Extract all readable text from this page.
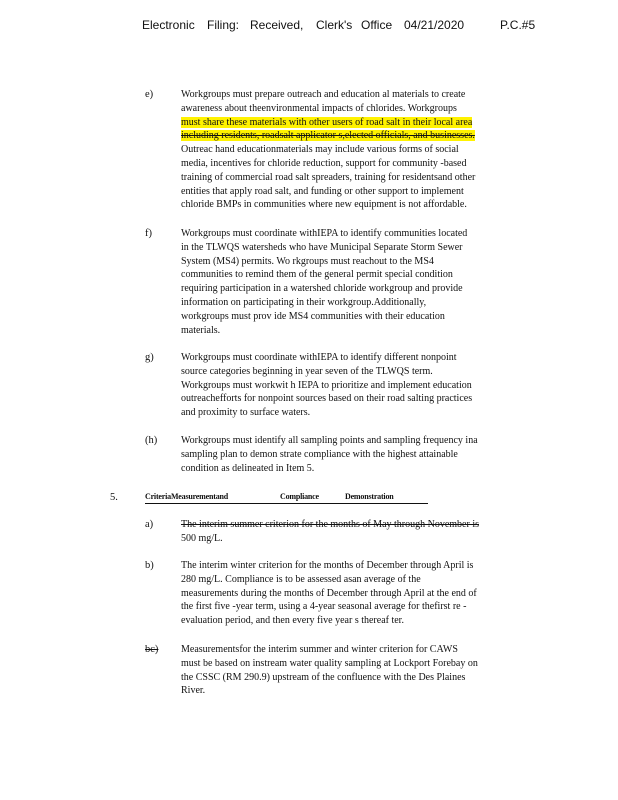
Electronic Filing: Received, Clerk's Office 04/21/2020	P.C.#5
e)	Workgroups must prepare outreach and education al materials to create
awareness about theenvironmental impacts of chlorides. Workgroups
must share these materials with other users of road salt in their local area
including residents, roadsalt applicator s,elected officials, and businesses.
Outreac hand educationmaterials may include various forms of social
media, incentives for chloride reduction, support for community -based
training of commercial road salt spreaders, training for residentsand other
entities that apply road salt, and funding or other support to implement
chloride BMPs in communities where new equipment is not affordable.
f)	Workgroups must coordinate withIEPA to identify communities located
in the TLWQS watersheds who have Municipal Separate Storm Sewer
System (MS4) permits. Wo rkgroups must reachout to the MS4
communities to remind them of the general permit special condition
requiring participation in a watershed chloride workgroup and provide
information on participating in their workgroup.Additionally,
workgroups must prov ide MS4 communities with their education
materials.
g)	Workgroups must coordinate withIEPA to identify different nonpoint
source categories beginning in year seven of the TLWQS term.
Workgroups must workwit h IEPA to prioritize and implement education
outreachefforts for nonpoint sources based on their road salting practices
and proximity to surface waters.
(h) Workgroups must identify all sampling points and sampling frequency ina
sampling plan to demon strate compliance with the highest attainable
condition as delineated in Item 5.
5.	CriteriaMeasurementand	Compliance	Demonstration
a)	The interim summer criterion for the months of May through November is
500 mg/L.
b)	The interim winter criterion for the months of December through April is
280 mg/L. Compliance is to be assessed asan average of the
measurements during the months of December through April at the end of
the first five -year term, using a 4-year seasonal average for thefirst re -
evaluation period, and then every five year s thereaf ter.
bc) Measurementsfor the interim summer and winter criterion for CAWS
must be based on instream water quality sampling at Lockport Forebay on
the CSSC (RM 290.9) upstream of the confluence with the Des Plaines
River.
